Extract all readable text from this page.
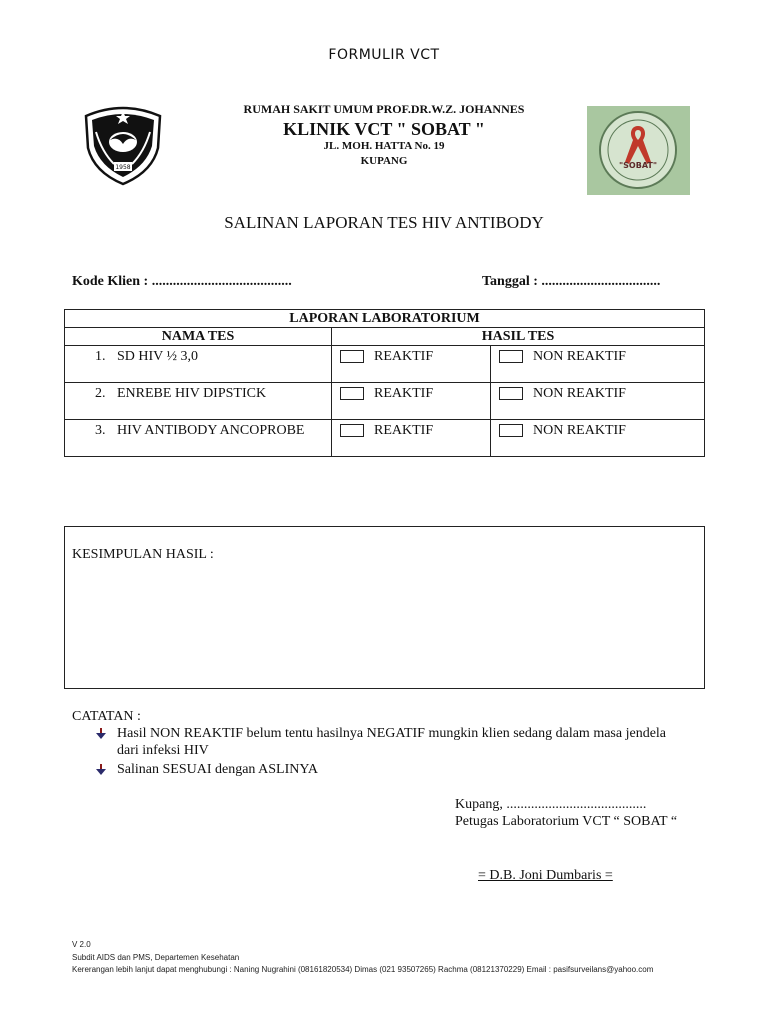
FORMULIR VCT
1958
RUMAH SAKIT UMUM PROF.DR.W.Z. JOHANNES
KLINIK VCT " SOBAT "
JL. MOH. HATTA No. 19
KUPANG	"SOBAT"
SALINAN LAPORAN TES HIV ANTIBODY
Kode Klien : ........................................	Tanggal : ..................................
LAPORAN LABORATORIUM		
NAMA TES	HASIL TES	

1. SD HIV ½ 3,0	REAKTIF	NON REAKTIF

2. ENREBE HIV DIPSTICK	REAKTIF	NON REAKTIF

3. HIV ANTIBODY ANCOPROBE	REAKTIF	NON REAKTIF
KESIMPULAN HASIL :
CATATAN :
Hasil NON REAKTIF belum tentu hasilnya NEGATIF mungkin klien sedang dalam masa jendela dari infeksi HIV
Salinan SESUAI dengan ASLINYA
Kupang, ........................................
Petugas Laboratorium VCT “ SOBAT “
= D.B. Joni Dumbaris =
V 2.0
Subdit AIDS dan PMS, Departemen Kesehatan
Kererangan lebih lanjut dapat menghubungi : Naning Nugrahini (08161820534) Dimas (021 93507265) Rachma (08121370229) Email : pasifsurveilans@yahoo.com
